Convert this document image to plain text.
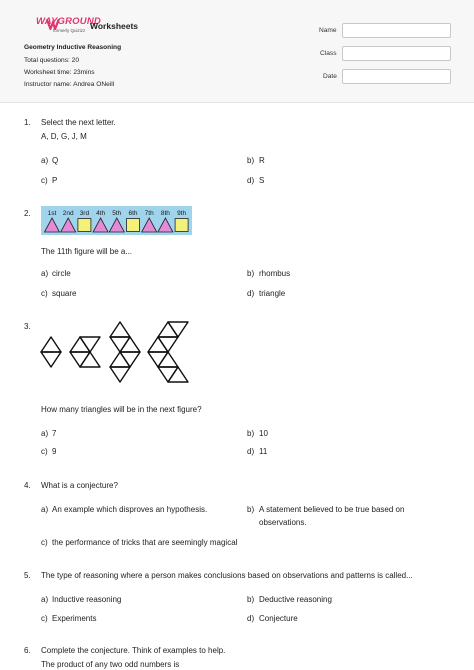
WAYGROUND
formerly Quizizz Worksheets
Geometry Inductive Reasoning
Total questions: 20
Worksheet time: 23mins
Instructor name: Andrea ONeill
Name
Class
Date
1. Select the next letter.
A, D, G, J, M
a) Q	b) R
c) P	d) S
2.	1st 2nd 3rd 4th 5th 6th 7th 8th 9th
The 11th figure will be a...
a) circle	b) rhombus
c) square	d) triangle
3.
How many triangles will be in the next figure?
a) 7	b) 10
c) 9	d) 11
4. What is a conjecture?
a) An example which disproves an hypothesis.	b) A statement believed to be true based on
observations.
c) the performance of tricks that are seemingly magical
5. The type of reasoning where a person makes conclusions based on observations and patterns is called...
a) Inductive reasoning	b) Deductive reasoning
c) Experiments	d) Conjecture
6. Complete the conjecture. Think of examples to help.
The product of any two odd numbers is
